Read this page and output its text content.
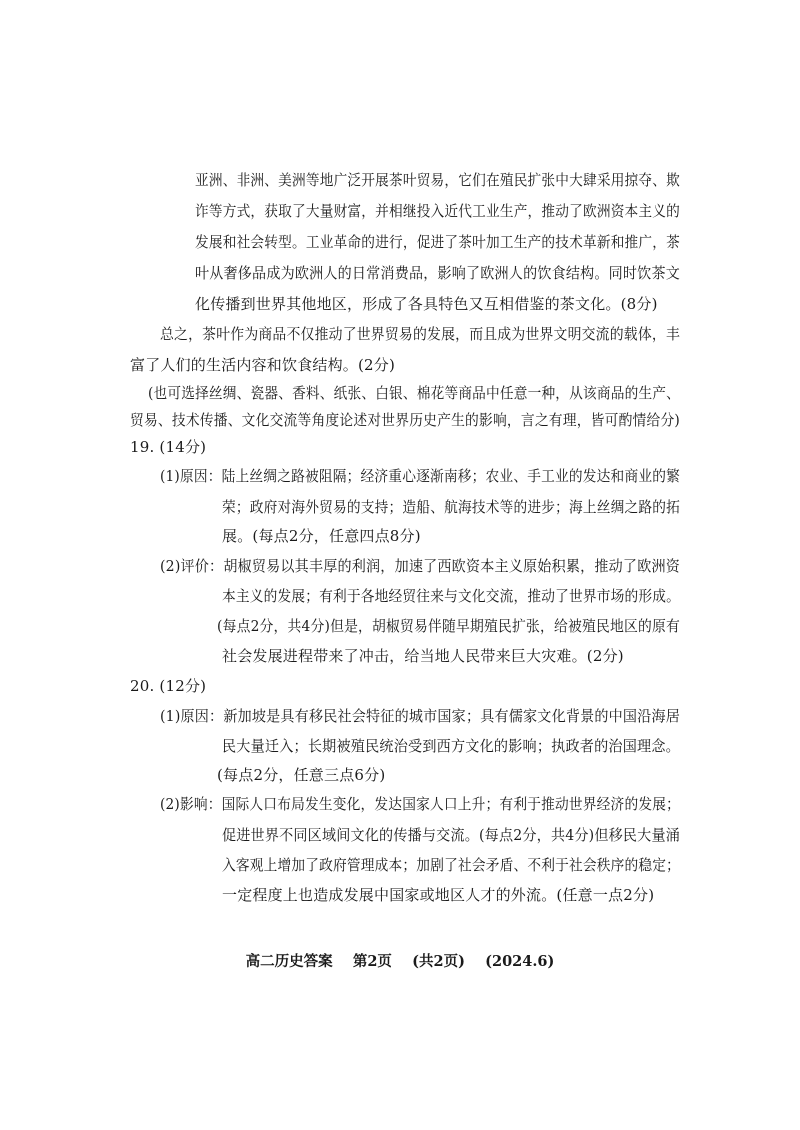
亚洲、非洲、美洲等地广泛开展茶叶贸易，它们在殖民扩张中大肆采用掠夺、欺
诈等方式，获取了大量财富，并相继投入近代工业生产，推动了欧洲资本主义的
发展和社会转型。工业革命的进行，促进了茶叶加工生产的技术革新和推广，茶
叶从奢侈品成为欧洲人的日常消费品，影响了欧洲人的饮食结构。同时饮茶文
化传播到世界其他地区，形成了各具特色又互相借鉴的茶文化。(8分)
总之，茶叶作为商品不仅推动了世界贸易的发展，而且成为世界文明交流的载体，丰
富了人们的生活内容和饮食结构。(2分)
(也可选择丝绸、瓷器、香料、纸张、白银、棉花等商品中任意一种，从该商品的生产、
贸易、技术传播、文化交流等角度论述对世界历史产生的影响，言之有理，皆可酌情给分)
19. (14分)
(1)原因：陆上丝绸之路被阻隔；经济重心逐渐南移；农业、手工业的发达和商业的繁
荣；政府对海外贸易的支持；造船、航海技术等的进步；海上丝绸之路的拓
展。(每点2分，任意四点8分)
(2)评价：胡椒贸易以其丰厚的利润，加速了西欧资本主义原始积累，推动了欧洲资
本主义的发展；有利于各地经贸往来与文化交流，推动了世界市场的形成。
(每点2分，共4分)但是，胡椒贸易伴随早期殖民扩张，给被殖民地区的原有
社会发展进程带来了冲击，给当地人民带来巨大灾难。(2分)
20. (12分)
(1)原因：新加坡是具有移民社会特征的城市国家；具有儒家文化背景的中国沿海居
民大量迁入；长期被殖民统治受到西方文化的影响；执政者的治国理念。
(每点2分，任意三点6分)
(2)影响：国际人口布局发生变化，发达国家人口上升；有利于推动世界经济的发展；
促进世界不同区域间文化的传播与交流。(每点2分，共4分)但移民大量涌
入客观上增加了政府管理成本；加剧了社会矛盾、不利于社会秩序的稳定；
一定程度上也造成发展中国家或地区人才的外流。(任意一点2分)
高二历史答案    第2页    (共2页)    (2024.6)
